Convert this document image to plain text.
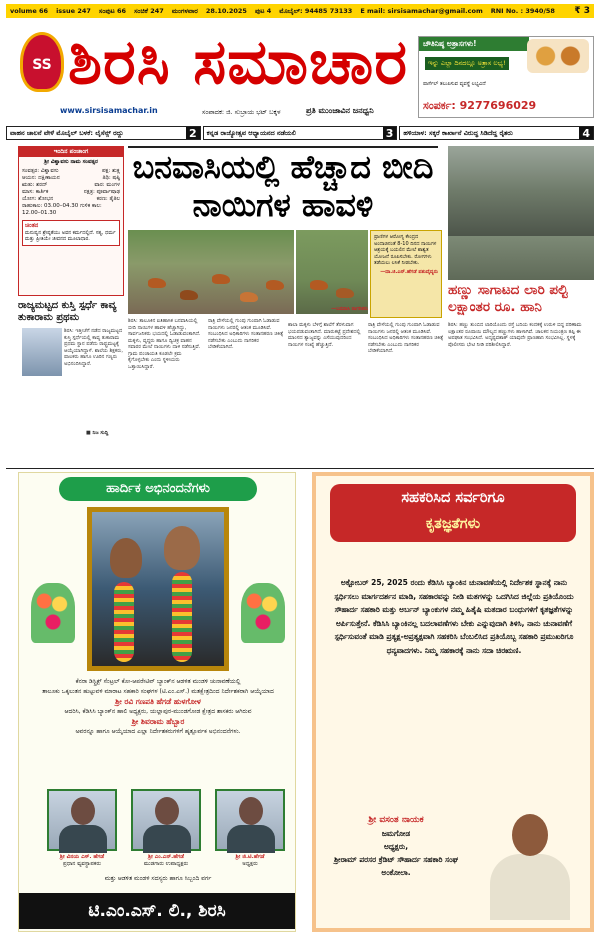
volume 66 issue 247 ಸಂಪುಟ 66 ಸಂಚಿಕೆ 247 ಮಂಗಳವಾರ 28.10.2025 ಪುಟ 4 ಮೊಬೈಲ್: 94485 73133 E mail: sirsisamachar@gmail.com RNI No. : 3940/58 ₹ 3
SS ಶಿರಸಿ ಸಮಾಚಾರ
www.sirsisamachar.in	ಸಂಪಾದಕ: ಜಿ. ಸುಬ್ರಾಯ ಭಟ್ ಬಕ್ಕಳ	ಪ್ರತಿ ಮುಂಜಾವಿನ ಜನಧ್ವನಿ
ಚೌತಿನಿಷ್ಠ ಅತ್ರಾಸಗಳು!
ಇನ್ನು ಎಲ್ಲಾ ದಿನದಲ್ಲೂ ಅತ್ರಾಸ ಲಭ್ಯ!
ಪಾರ್ಸೆಲ್ ತಲುಪಿಸುವ ವ್ಯವಸ್ಥೆ ಲಭ್ಯವಿದೆ
ಸಂಪರ್ಕ: 9277696029
ವಾಹನ ಚಾಲನೆ ವೇಳೆ ಮೊಬೈಲ್ ಬಳಕೆ: ಲೈಸೆನ್ಸ್ ರದ್ದು	2	ಕನ್ನಡ ರಾಜ್ಯೋತ್ಸವ ಆಧ್ಯಾಯನದ ನಡೆಯಲಿ	3	ಹಳಿಯಾಳ: ಸಕ್ಕರೆ ಕಾರ್ಖಾನೆ ವಿರುದ್ಧ ಸಿಡಿದೆದ್ದ ರೈತರು	4
ಇಂದಿನ ಪಂಚಾಂಗ
ಶ್ರೀ ವಿಶ್ವಾವಸು ನಾಮ ಸಂವತ್ಸರ
ಸಂವತ್ಸರ: ವಿಶ್ವಾವಸು	ಪಕ್ಷ: ಶುಕ್ಲ
ಆಯನ: ದಕ್ಷಿಣಾಯನ	ತಿಥಿ: ಷಷ್ಠಿ
ಋತು: ಶರದ್	ವಾರ: ಮಂಗಳ
ಮಾಸ: ಕಾರ್ತಿಕ	ನಕ್ಷತ್ರ: ಪೂರ್ವಾಷಾಢ
ಯೋಗ: ಶೋಭನ	ಕರಣ: ತೈತಿಲ
ರಾಹುಕಾಲ: 03.00–04.30 ಗುಳಿಕ ಕಾಲ: 12.00–01.30
ಚಿಂತನ
ಮನುಷ್ಯನ ಶ್ರೇಷ್ಠತೆಯು ಅವನ ಕರ್ಮದಲ್ಲಿದೆ. ಸತ್ಯ, ಧರ್ಮ ಮತ್ತು ಪ್ರೀತಿಯೇ ಜೀವನದ ಮೂಲಾಧಾರ.
ರಾಜ್ಯಮಟ್ಟದ ಕುಸ್ತಿ ಸ್ಪರ್ಧೆ ಕಾವ್ಯ ತುಕಾರಾಮ ಪ್ರಥಮ
ಶಿರಸಿ: ಇತ್ತೀಚೆಗೆ ನಡೆದ ರಾಜ್ಯಮಟ್ಟದ ಕುಸ್ತಿ ಸ್ಪರ್ಧೆಯಲ್ಲಿ ಕಾವ್ಯ ತುಕಾರಾಮ ಪ್ರಥಮ ಸ್ಥಾನ ಪಡೆದು ರಾಷ್ಟ್ರಮಟ್ಟಕ್ಕೆ ಆಯ್ಕೆಯಾಗಿದ್ದಾಳೆ. ಶಾಲೆಯ ಶಿಕ್ಷಕರು, ಪಾಲಕರು ಹಾಗೂ ಊರಿನ ಗಣ್ಯರು ಅಭಿನಂದಿಸಿದ್ದಾರೆ.
■ ನಿಜ ಸುದ್ದಿ
ಬನವಾಸಿಯಲ್ಲಿ ಹೆಚ್ಚಾದ ಬೀದಿ ನಾಯಿಗಳ ಹಾವಳಿ
—ಬನವಾಸಿ ನಾಗರಿಕರು
ಪ್ರಾಣಿಗಳ ಆರೋಗ್ಯ ಕೇಂದ್ರದ ಅಂದಾಜಿನಂತೆ 8-10 ದಿನದ ನಾಯಿಗಳ ಆಶ್ರಯಕ್ಕೆ ಬಯಲಿನ ಮೇಲೆ ಶಾಶ್ವತ ಯೋಜನೆ ರೂಪಿಸಬೇಕು. ರೋಗಗಳು ತಡೆಯಲು ಲಸಿಕೆ ನೀಡಬೇಕು.
—ದಾ.ಜಿ.ಎನ್.ಹೆಗಡೆ ಪಶುವೈದ್ಯರು
ಶಿರಸಿ: ತಾಲೂಕಿನ ಐತಿಹಾಸಿಕ ಬನವಾಸಿಯಲ್ಲಿ ಬೀದಿ ನಾಯಿಗಳ ಹಾವಳಿ ಹೆಚ್ಚಾಗಿದ್ದು, ಸಾರ್ವಜನಿಕರು ಭಯದಲ್ಲಿ ಓಡಾಡುವಂತಾಗಿದೆ. ಮಕ್ಕಳು, ವೃದ್ಧರು ಹಾಗೂ ದ್ವಿಚಕ್ರ ವಾಹನ ಸವಾರರ ಮೇಲೆ ನಾಯಿಗಳು ದಾಳಿ ನಡೆಸುತ್ತಿವೆ. ಗ್ರಾಮ ಪಂಚಾಯತಿ ಕೂಡಲೇ ಕ್ರಮ ಕೈಗೊಳ್ಳಬೇಕು ಎಂದು ಸ್ಥಳೀಯರು ಒತ್ತಾಯಿಸಿದ್ದಾರೆ.
ರಾತ್ರಿ ವೇಳೆಯಲ್ಲಿ ಗುಂಪು ಗುಂಪಾಗಿ ಓಡಾಡುವ ನಾಯಿಗಳು ಜನರಲ್ಲಿ ಆತಂಕ ಮೂಡಿಸಿವೆ. ಸಂಬಂಧಿಸಿದ ಅಧಿಕಾರಿಗಳು ಸಂತಾನಹರಣ ಚಿಕಿತ್ಸೆ ನಡೆಸಬೇಕು ಎಂಬುದು ನಾಗರಿಕರ ಬೇಡಿಕೆಯಾಗಿದೆ.
ಶಾಲಾ ಮಕ್ಕಳು ಬೆಳಿಗ್ಗೆ ಶಾಲೆಗೆ ತೆರಳುವಾಗ ಭಯಪಡುವಂತಾಗಿದೆ. ಮಾರುಕಟ್ಟೆ ಪ್ರದೇಶದಲ್ಲಿ ಮಾಂಸದ ತ್ಯಾಜ್ಯವನ್ನು ಎಸೆಯುವುದರಿಂದ ನಾಯಿಗಳ ಸಂಖ್ಯೆ ಹೆಚ್ಚುತ್ತಿದೆ.
ರಾತ್ರಿ ವೇಳೆಯಲ್ಲಿ ಗುಂಪು ಗುಂಪಾಗಿ ಓಡಾಡುವ ನಾಯಿಗಳು ಜನರಲ್ಲಿ ಆತಂಕ ಮೂಡಿಸಿವೆ. ಸಂಬಂಧಿಸಿದ ಅಧಿಕಾರಿಗಳು ಸಂತಾನಹರಣ ಚಿಕಿತ್ಸೆ ನಡೆಸಬೇಕು ಎಂಬುದು ನಾಗರಿಕರ ಬೇಡಿಕೆಯಾಗಿದೆ.
ಹಣ್ಣು ಸಾಗಾಟದ ಲಾರಿ ಪಲ್ಟಿ ಲಕ್ಷಾಂತರ ರೂ. ಹಾನಿ
ಶಿರಸಿ: ಹಣ್ಣು ತುಂಬಿದ ಲಾರಿಯೊಂದು ರಸ್ತೆ ಬದಿಯ ಕಂದಕಕ್ಕೆ ಉರುಳಿ ಬಿದ್ದ ಪರಿಣಾಮ ಲಕ್ಷಾಂತರ ರೂಪಾಯಿ ಮೌಲ್ಯದ ಹಣ್ಣುಗಳು ಹಾಳಾಗಿವೆ. ಚಾಲಕನ ನಿಯಂತ್ರಣ ತಪ್ಪಿ ಈ ಅಪಘಾತ ಸಂಭವಿಸಿದೆ. ಅದೃಷ್ಟವಶಾತ್ ಯಾವುದೇ ಪ್ರಾಣಹಾನಿ ಸಂಭವಿಸಿಲ್ಲ. ಸ್ಥಳಕ್ಕೆ ಪೊಲೀಸರು ಭೇಟಿ ನೀಡಿ ಪರಿಶೀಲಿಸಿದ್ದಾರೆ.
ಹಾರ್ದಿಕ ಅಭಿನಂದನೆಗಳು
ಕೆನರಾ ಡಿಸ್ಟ್ರಿಕ್ಟ್ ಸೆಂಟ್ರಲ್ ಕೋ-ಆಪರೇಟಿವ್ ಬ್ಯಾಂಕ್‌ನ ಆಡಳಿತ ಮಂಡಳಿ ಚುನಾವಣೆಯಲ್ಲಿ
ತಾಲೂಕು ಒಕ್ಕಲುತನ ಹುಟ್ಟುವಳಿ ಮಾರಾಟ ಸಹಕಾರಿ ಸಂಘಗಳ (ಟಿ.ಎಂ.ಎಸ್.) ಮತಕ್ಷೇತ್ರದಿಂದ ನಿರ್ದೇಶಕರಾಗಿ ಆಯ್ಕೆಯಾದ
ಶ್ರೀ ರವಿ ಗಣಪತಿ ಹೆಗಡೆ ಹುಳಗೋಳ
ಆದರಿಸಿ, ಕೆಡಿಸಿಸಿ ಬ್ಯಾಂಕ್‌ನ ಹಾಲಿ ಅಧ್ಯಕ್ಷರು, ಯಲ್ಲಾಪುರ-ಮುಂಡಗೋಡ ಕ್ಷೇತ್ರದ ಶಾಸಕರು ಆಗಿರುವ
ಶ್ರೀ ಶಿವರಾಮ ಹೆಬ್ಬಾರ
ಅವರನ್ನೂ ಹಾಗೂ ಆಯ್ಕೆಯಾದ ಎಲ್ಲಾ ನಿರ್ದೇಶಕರುಗಳಿಗೆ ಹೃತ್ಪೂರ್ವಕ ಅಭಿನಂದನೆಗಳು.
ಶ್ರೀ ವಿನಯ ಎಸ್. ಹೆಗಡೆ
ಪ್ರಧಾನ ವ್ಯವಸ್ಥಾಪಕರು
ಶ್ರೀ ಎಂ.ಎನ್.ಹೆಗಡೆ
ಮುಡಗಾರು ಉಪಾಧ್ಯಕ್ಷರು
ಶ್ರೀ ಜಿ.ಟಿ.ಹೆಗಡೆ
ಅಧ್ಯಕ್ಷರು
ಮತ್ತು ಆಡಳಿತ ಮಂಡಳಿ ಸದಸ್ಯರು ಹಾಗೂ ಸಿಬ್ಬಂದಿ ವರ್ಗ
ಟಿ.ಎಂ.ಎಸ್. ಲಿ., ಶಿರಸಿ
ಸಹಕರಿಸಿದ ಸರ್ವರಿಗೂ
ಕೃತಜ್ಞತೆಗಳು
ಅಕ್ಟೋಬರ್ 25, 2025 ರಂದು ಕೆಡಿಸಿಸಿ ಬ್ಯಾಂಕಿನ ಚುನಾವಣೆಯಲ್ಲಿ ನಿರ್ದೇಶಕ ಸ್ಥಾನಕ್ಕೆ ನಾನು ಸ್ಪರ್ಧಿಸಲು ಮಾರ್ಗದರ್ಶನ ಮಾಡಿ, ಸಹಕಾರವನ್ನು ನೀಡಿ ಮತಗಳನ್ನು ಒದಗಿಸಿದ ಜಿಲ್ಲೆಯ ಪ್ರತಿಯೊಂದು ಸೌಹಾರ್ದ ಸಹಕಾರಿ ಮತ್ತು ಅರ್ಬನ್ ಬ್ಯಾಂಕುಗಳ ನಮ್ಮ ಹಿತೈಷಿ ಮತದಾರ ಬಂಧುಗಳಿಗೆ ಕೃತಜ್ಞತೆಗಳನ್ನು ಅರ್ಪಿಸುತ್ತೇನೆ. ಕೆಡಿಸಿಸಿ ಬ್ಯಾಂಕಿನಲ್ಲ ಬದಲಾವಣೆಗಳು ಬೇಕು ಎನ್ನುವುದಾಗಿ ತಿಳಿಸಿ, ನಾನು ಚುನಾವಣೆಗೆ ಸ್ಪರ್ಧಿಸುವಂತೆ ಮಾಡಿ ಪ್ರತ್ಯಕ್ಷ-ಅಪ್ರತ್ಯಕ್ಷವಾಗಿ ಸಹಕರಿಸಿ ಬೆಂಬಲಿಸಿದ ಪ್ರತಿಯೊಬ್ಬ ಸಹಕಾರಿ ಪ್ರಮುಖರಿಗೂ ಧನ್ಯವಾದಗಳು. ನಿಮ್ಮ ಸಹಕಾರಕ್ಕೆ ನಾನು ಸದಾ ಚಿರಋಣಿ.
ಶ್ರೀ ವಸಂತ ನಾಯಕ
ಜಮಗೋಡ
ಅಧ್ಯಕ್ಷರು,
ಶ್ರೀರಾಮ್ ಪರಸರ ಕ್ರೆಡಿಟ್ ಸೌಹಾರ್ದ ಸಹಕಾರಿ ಸಂಘ ಅಂಕೋಲಾ.
